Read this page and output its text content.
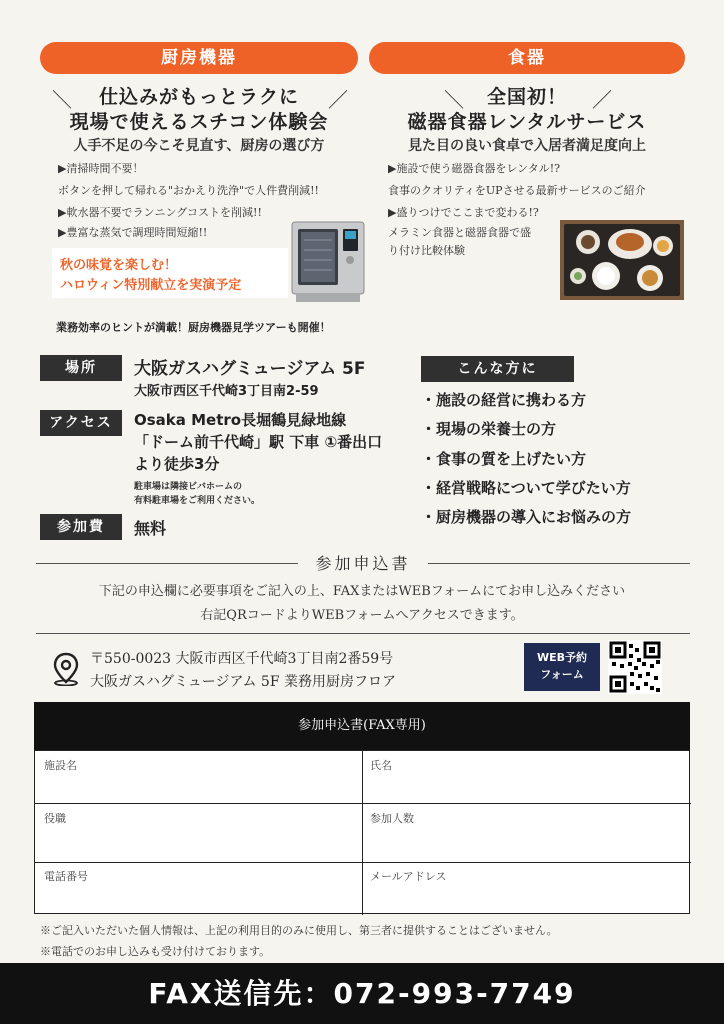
厨房機器
＼	／
仕込みがもっとラクに
現場で使えるスチコン体験会
人手不足の今こそ見直す、厨房の選び方
▶清掃時間不要！
ボタンを押して帰れる"おかえり洗浄"で人件費削減!!
▶軟水器不要でランニングコストを削減!!
▶豊富な蒸気で調理時間短縮!!
秋の味覚を楽しむ！
ハロウィン特別献立を実演予定
業務効率のヒントが満載！厨房機器見学ツアーも開催！
食器
＼	／
全国初！
磁器食器レンタルサービス
見た目の良い食卓で入居者満足度向上
▶施設で使う磁器食器をレンタル!?
食事のクオリティをUPさせる最新サービスのご紹介
▶盛りつけでここまで変わる!?
メラミン食器と磁器食器で盛
り付け比較体験
場所	大阪ガスハグミュージアム 5F
大阪市西区千代崎3丁目南2-59
アクセス	Osaka Metro長堀鶴見緑地線
「ドーム前千代崎」駅 下車 ①番出口
より徒歩3分
駐車場は隣接ビバホームの
有料駐車場をご利用ください。
参加費	無料
こんな方に
・施設の経営に携わる方
・現場の栄養士の方
・食事の質を上げたい方
・経営戦略について学びたい方
・厨房機器の導入にお悩みの方
参加申込書
下記の申込欄に必要事項をご記入の上、FAXまたはWEBフォームにてお申し込みください
右記QRコードよりWEBフォームへアクセスできます。
〒550-0023 大阪市西区千代崎3丁目南2番59号
大阪ガスハグミュージアム 5F 業務用厨房フロア
WEB予約
フォーム
参加申込書(FAX専用)
施設名	氏名
役職	参加人数
電話番号	メールアドレス
※ご記入いただいた個人情報は、上記の利用目的のみに使用し、第三者に提供することはございません。
※電話でのお申し込みも受け付けております。
FAX送信先：072-993-7749
